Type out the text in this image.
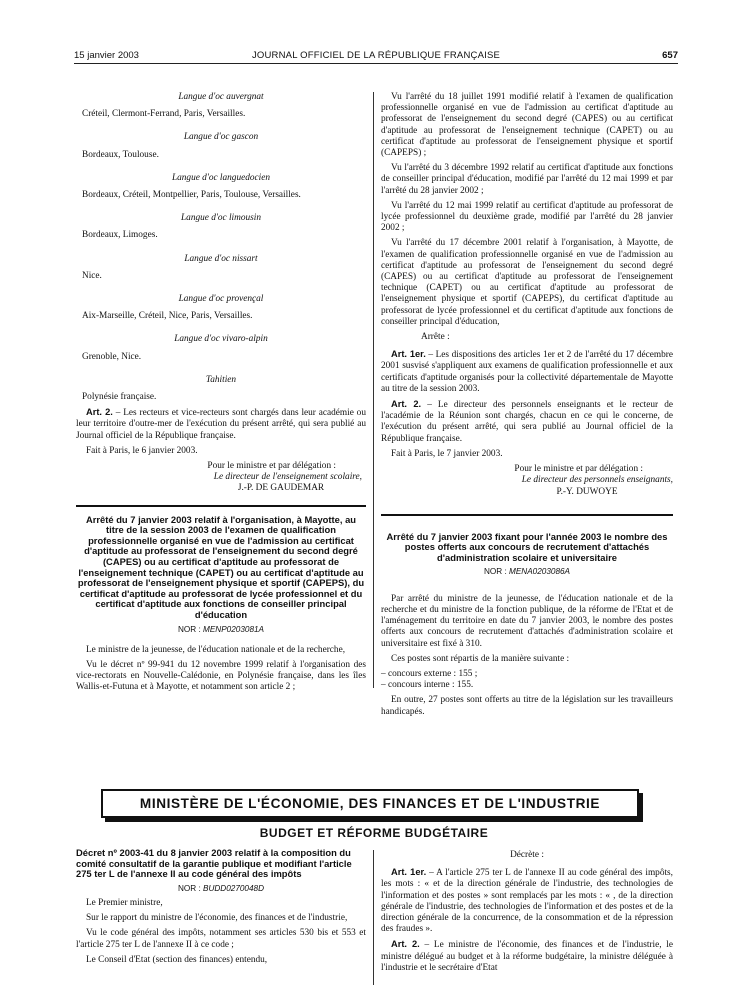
15 janvier 2003	JOURNAL OFFICIEL DE LA RÉPUBLIQUE FRANÇAISE	657
Langue d'oc auvergnat
Créteil, Clermont-Ferrand, Paris, Versailles.
Langue d'oc gascon
Bordeaux, Toulouse.
Langue d'oc languedocien
Bordeaux, Créteil, Montpellier, Paris, Toulouse, Versailles.
Langue d'oc limousin
Bordeaux, Limoges.
Langue d'oc nissart
Nice.
Langue d'oc provençal
Aix-Marseille, Créteil, Nice, Paris, Versailles.
Langue d'oc vivaro-alpin
Grenoble, Nice.
Tahitien
Polynésie française.

Art. 2. – Les recteurs et vice-recteurs sont chargés dans leur académie ou leur territoire d'outre-mer de l'exécution du présent arrêté, qui sera publié au Journal officiel de la République française.

Fait à Paris, le 6 janvier 2003.

Pour le ministre et par délégation :
Le directeur de l'enseignement scolaire,
J.-P. DE GAUDEMAR
Arrêté du 7 janvier 2003 relatif à l'organisation, à Mayotte, au titre de la session 2003 de l'examen de qualification professionnelle organisé en vue de l'admission au certificat d'aptitude au professorat de l'enseignement du second degré (CAPES) ou au certificat d'aptitude au professorat de l'enseignement technique (CAPET) ou au certificat d'aptitude au professorat de l'enseignement physique et sportif (CAPEPS), du certificat d'aptitude au professorat de lycée professionnel et du certificat d'aptitude aux fonctions de conseiller principal d'éducation
NOR : MENP0203081A

Le ministre de la jeunesse, de l'éducation nationale et de la recherche,

Vu le décret nº 99-941 du 12 novembre 1999 relatif à l'organisation des vice-rectorats en Nouvelle-Calédonie, en Polynésie française, dans les îles Wallis-et-Futuna et à Mayotte, et notamment son article 2 ;

Vu l'arrêté du 18 juillet 1991 modifié relatif à l'examen de qualification professionnelle organisé en vue de l'admission au certificat d'aptitude au professorat de l'enseignement du second degré (CAPES) ou au certificat d'aptitude au professorat de l'enseignement technique (CAPET) ou au certificat d'aptitude au professorat de l'enseignement physique et sportif (CAPEPS) ;

Vu l'arrêté du 3 décembre 1992 relatif au certificat d'aptitude aux fonctions de conseiller principal d'éducation, modifié par l'arrêté du 12 mai 1999 et par l'arrêté du 28 janvier 2002 ;

Vu l'arrêté du 12 mai 1999 relatif au certificat d'aptitude au professorat de lycée professionnel du deuxième grade, modifié par l'arrêté du 28 janvier 2002 ;

Vu l'arrêté du 17 décembre 2001 relatif à l'organisation, à Mayotte, de l'examen de qualification professionnelle organisé en vue de l'admission au certificat d'aptitude au professorat de l'enseignement du second degré (CAPES) ou au certificat d'aptitude au professorat de l'enseignement technique (CAPET) ou au certificat d'aptitude au professorat de l'enseignement physique et sportif (CAPEPS), du certificat d'aptitude au professorat de lycée professionnel et du certificat d'aptitude aux fonctions de conseiller principal d'éducation,

Arrête :

Art. 1er. – Les dispositions des articles 1er et 2 de l'arrêté du 17 décembre 2001 susvisé s'appliquent aux examens de qualification professionnelle et aux certificats d'aptitude organisés pour la collectivité départementale de Mayotte au titre de la session 2003.

Art. 2. – Le directeur des personnels enseignants et le recteur de l'académie de la Réunion sont chargés, chacun en ce qui le concerne, de l'exécution du présent arrêté, qui sera publié au Journal officiel de la République française.

Fait à Paris, le 7 janvier 2003.

Pour le ministre et par délégation :
Le directeur des personnels enseignants,
P.-Y. DUWOYE
Arrêté du 7 janvier 2003 fixant pour l'année 2003 le nombre des postes offerts aux concours de recrutement d'attachés d'administration scolaire et universitaire
NOR : MENA0203086A

Par arrêté du ministre de la jeunesse, de l'éducation nationale et de la recherche et du ministre de la fonction publique, de la réforme de l'Etat et de l'aménagement du territoire en date du 7 janvier 2003, le nombre des postes offerts aux concours de recrutement d'attachés d'administration scolaire et universitaire est fixé à 310.

Ces postes sont répartis de la manière suivante :

– concours externe : 155 ;
– concours interne : 155.

En outre, 27 postes sont offerts au titre de la législation sur les travailleurs handicapés.

MINISTÈRE DE L'ÉCONOMIE, DES FINANCES ET DE L'INDUSTRIE
BUDGET ET RÉFORME BUDGÉTAIRE
Décret nº 2003-41 du 8 janvier 2003 relatif à la composition du comité consultatif de la garantie publique et modifiant l'article 275 ter L de l'annexe II au code général des impôts
NOR : BUDD0270048D

Le Premier ministre,

Sur le rapport du ministre de l'économie, des finances et de l'industrie,

Vu le code général des impôts, notamment ses articles 530 bis et 553 et l'article 275 ter L de l'annexe II à ce code ;

Le Conseil d'Etat (section des finances) entendu,

Décrète :

Art. 1er. – A l'article 275 ter L de l'annexe II au code général des impôts, les mots : « et de la direction générale de l'industrie, des technologies de l'information et des postes » sont remplacés par les mots : « , de la direction générale de l'industrie, des technologies de l'information et des postes et de la direction générale de la concurrence, de la consommation et de la répression des fraudes ».

Art. 2. – Le ministre de l'économie, des finances et de l'industrie, le ministre délégué au budget et à la réforme budgétaire, la ministre déléguée à l'industrie et le secrétaire d'Etat
